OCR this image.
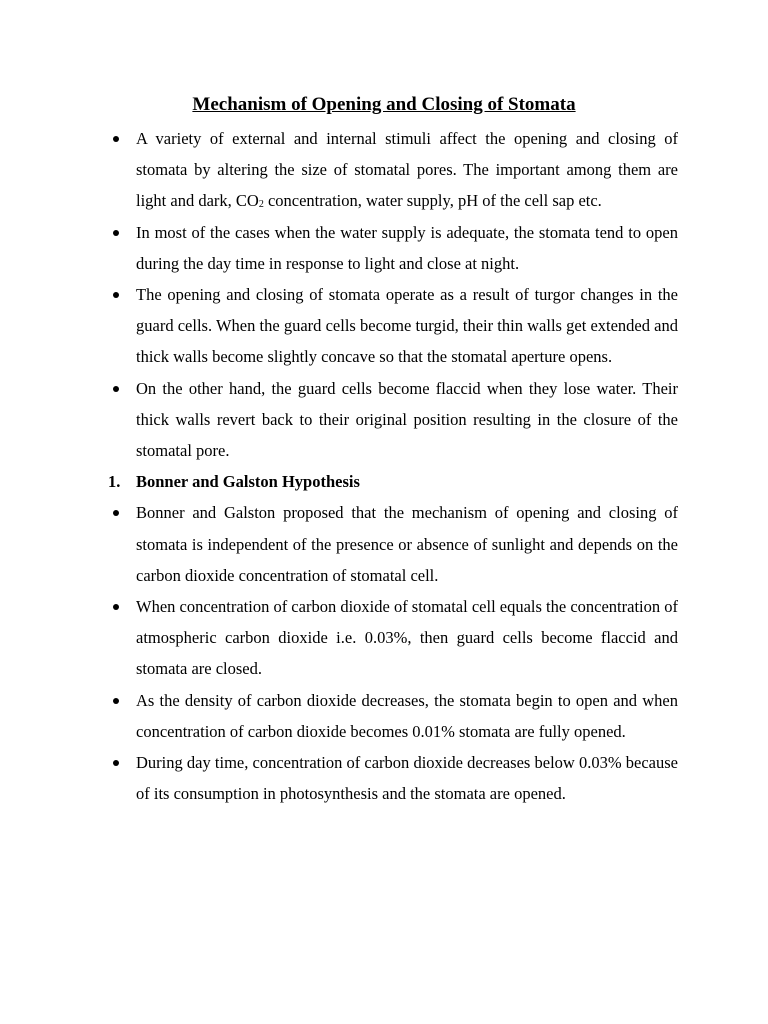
Mechanism of Opening and Closing of Stomata
A variety of external and internal stimuli affect the opening and closing of stomata by altering the size of stomatal pores. The important among them are light and dark, $CO_2$ concentration, water supply, pH of the cell sap etc.
In most of the cases when the water supply is adequate, the stomata tend to open during the day time in response to light and close at night.
The opening and closing of stomata operate as a result of turgor changes in the guard cells. When the guard cells become turgid, their thin walls get extended and thick walls become slightly concave so that the stomatal aperture opens.
On the other hand, the guard cells become flaccid when they lose water. Their thick walls revert back to their original position resulting in the closure of the stomatal pore.
1. Bonner and Galston Hypothesis
Bonner and Galston proposed that the mechanism of opening and closing of stomata is independent of the presence or absence of sunlight and depends on the carbon dioxide concentration of stomatal cell.
When concentration of carbon dioxide of stomatal cell equals the concentration of atmospheric carbon dioxide i.e. 0.03%, then guard cells become flaccid and stomata are closed.
As the density of carbon dioxide decreases, the stomata begin to open and when concentration of carbon dioxide becomes 0.01% stomata are fully opened.
During day time, concentration of carbon dioxide decreases below 0.03% because of its consumption in photosynthesis and the stomata are opened.
